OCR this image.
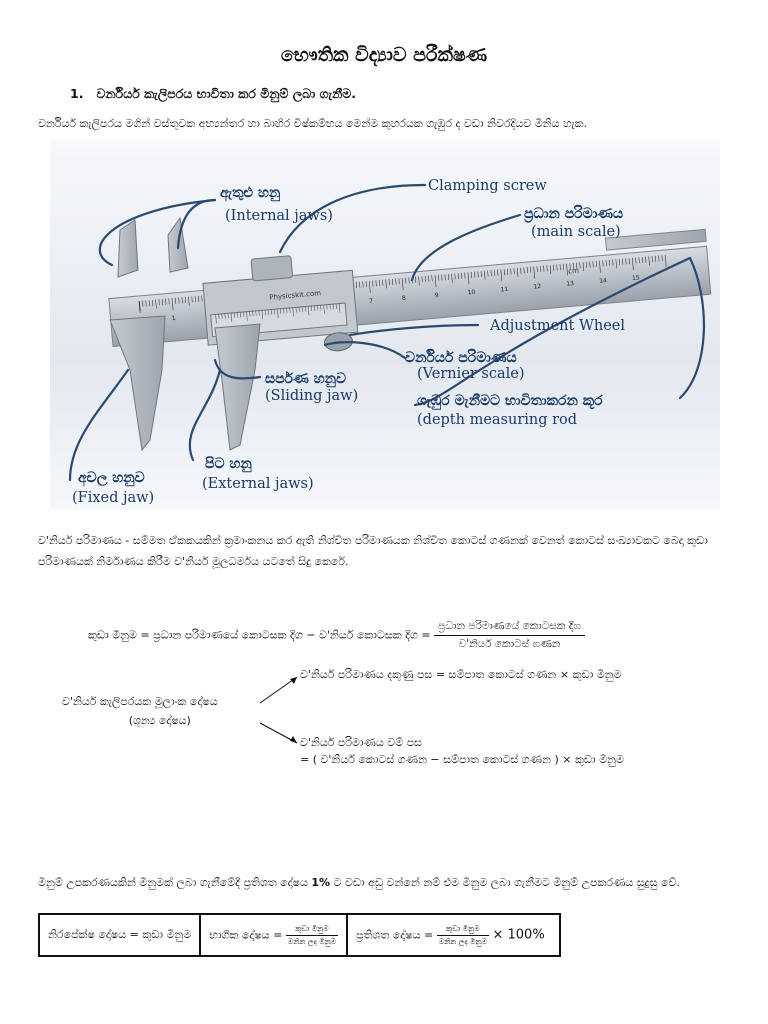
භෞතික විද්‍යාව පරීක්ෂණ
1. වර්නියර් කැලිපරය භාවිතා කර මිනුම් ලබා ගැනීම.
වර්නියර් කැලිපරය මගින් වස්තුවක අභ්‍යන්තර හා බාහිර විෂ්කම්භය මෙන්ම කුහරයක ගැඹුර ද වඩා නිවරදියව මිනිය හැක.
1
7	8	9	10	11	12	13	14	15
Physicskit.com
cm
ඇතුළු හනු
(Internal jaws)
Clamping screw
ප්‍රධාන පරිමාණය
(main scale)
Adjustment Wheel
වර්නියර් පරිමාණය
(Vernier scale)
සර්පණ හනුව
(Sliding jaw)	ගැඹුර මැනීමට භාවිතාකරන කූර
(depth measuring rod
පිට හනු
(External jaws)
අචල හනුව
(Fixed jaw)
ව'නියර් පරිමාණය - සම්මත ඒකකයකින් ක්‍රමාංකනය කර ඇති නිශ්චිත පරිමාණයක නිශ්චිත කොටස් ගණනක් වෙනත් කොටස් සංඛ්‍යාවකට බෙදා කුඩා පරිමාණයක් නිර්මාණය කිරීම ව'නියර් මූලධර්මය යටතේ සිදු කෙරේ.
කුඩා මිනුම = ප්‍රධාන පරිමාණයේ කොටසක දිග − ව'නියර් කොටසක දිග = $\frac{\text{ප්‍රධාන පරිමාණයේ කොටසක දිග}}{\text{ව'නියර් කොටස් ගණන}}$
ව'නියර් කැලිපරයක මූලාංක දෝෂය
(ශුන්‍ය දෝෂය)
ව'නියර් පරිමාණය දකුණු පස = සම්පාත කොටස් ගණන × කුඩා මිනුම
ව'නියර් පරිමාණය වම් පස
= ( ව'නියර් කොටස් ගණන − සම්පාත කොටස් ගණන ) × කුඩා මිනුම
මිනුම් උපකරණයකින් මිනුමක් ලබා ගැනීමේදී ප්‍රතිශත දෝෂය 1% ට වඩා අඩු වන්නේ නම් එම මිනුම ලබා ගැනීමට මිනුම් උපකරණය සුදුසු වේ.
නිරපේක්ෂ දෝෂය = කුඩා මිනුම	භාගික දෝෂය = $\frac{\text{කුඩා මිනුම}}{\text{මනින ලද මිනුම}}$	ප්‍රතිශත දෝෂය = $\frac{\text{කුඩා මිනුම}}{\text{මනින ලද මිනුම}} \times 100\%$
